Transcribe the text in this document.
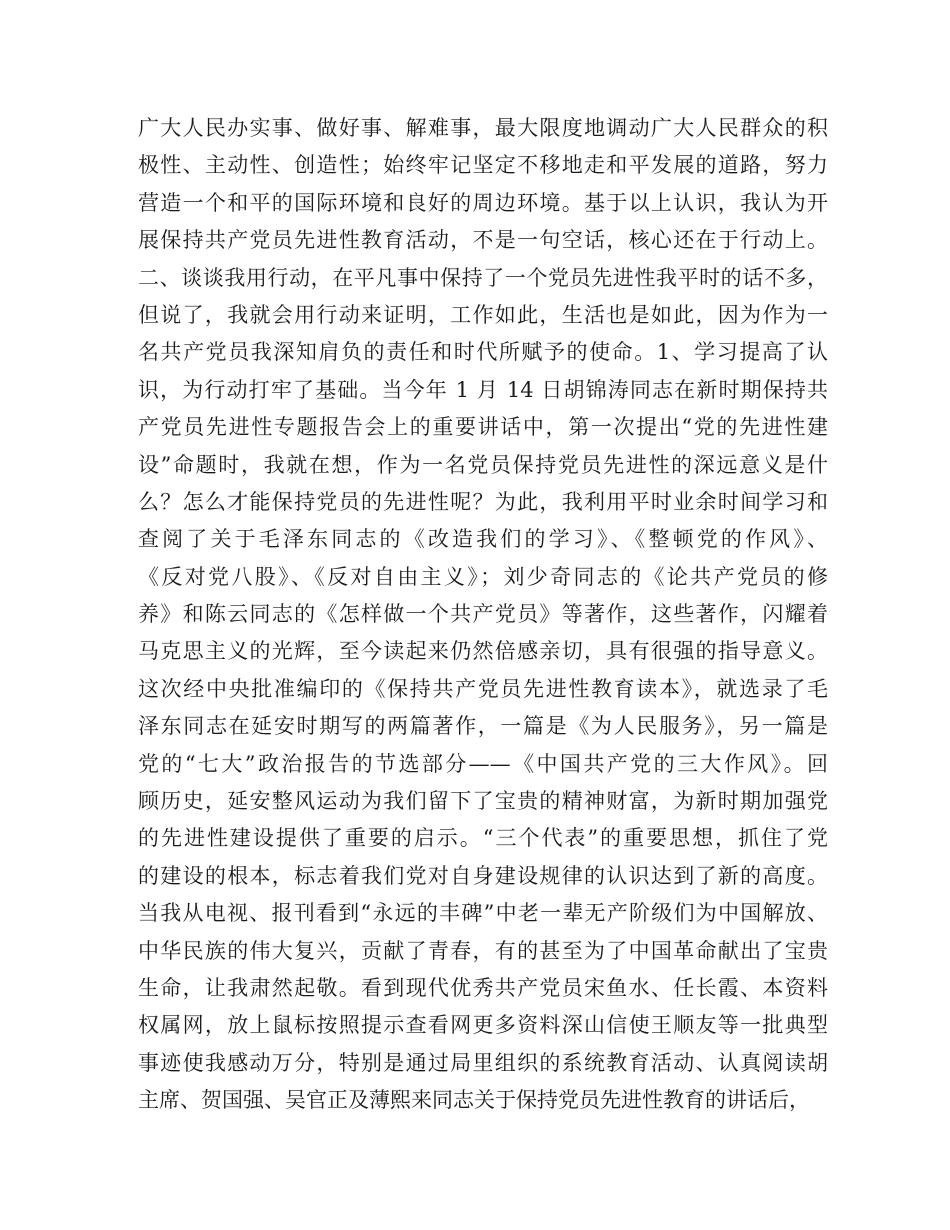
广大人民办实事、做好事、解难事，最大限度地调动广大人民群众的积
极性、主动性、创造性；始终牢记坚定不移地走和平发展的道路，努力
营造一个和平的国际环境和良好的周边环境。基于以上认识，我认为开
展保持共产党员先进性教育活动，不是一句空话，核心还在于行动上。
二、谈谈我用行动，在平凡事中保持了一个党员先进性我平时的话不多，
但说了，我就会用行动来证明，工作如此，生活也是如此，因为作为一
名共产党员我深知肩负的责任和时代所赋予的使命。1、学习提高了认
识，为行动打牢了基础。当今年 1 月 14 日胡锦涛同志在新时期保持共
产党员先进性专题报告会上的重要讲话中，第一次提出“党的先进性建
设”命题时，我就在想，作为一名党员保持党员先进性的深远意义是什
么？怎么才能保持党员的先进性呢？为此，我利用平时业余时间学习和
查阅了关于毛泽东同志的《改造我们的学习》、《整顿党的作风》、
《反对党八股》、《反对自由主义》；刘少奇同志的《论共产党员的修
养》和陈云同志的《怎样做一个共产党员》等著作，这些著作，闪耀着
马克思主义的光辉，至今读起来仍然倍感亲切，具有很强的指导意义。
这次经中央批准编印的《保持共产党员先进性教育读本》，就选录了毛
泽东同志在延安时期写的两篇著作，一篇是《为人民服务》，另一篇是
党的“七大”政治报告的节选部分——《中国共产党的三大作风》。回
顾历史，延安整风运动为我们留下了宝贵的精神财富，为新时期加强党
的先进性建设提供了重要的启示。“三个代表”的重要思想，抓住了党
的建设的根本，标志着我们党对自身建设规律的认识达到了新的高度。
当我从电视、报刊看到“永远的丰碑”中老一辈无产阶级们为中国解放、
中华民族的伟大复兴，贡献了青春，有的甚至为了中国革命献出了宝贵
生命，让我肃然起敬。看到现代优秀共产党员宋鱼水、任长霞、本资料
权属网，放上鼠标按照提示查看网更多资料深山信使王顺友等一批典型
事迹使我感动万分，特别是通过局里组织的系统教育活动、认真阅读胡
主席、贺国强、吴官正及薄熙来同志关于保持党员先进性教育的讲话后，
